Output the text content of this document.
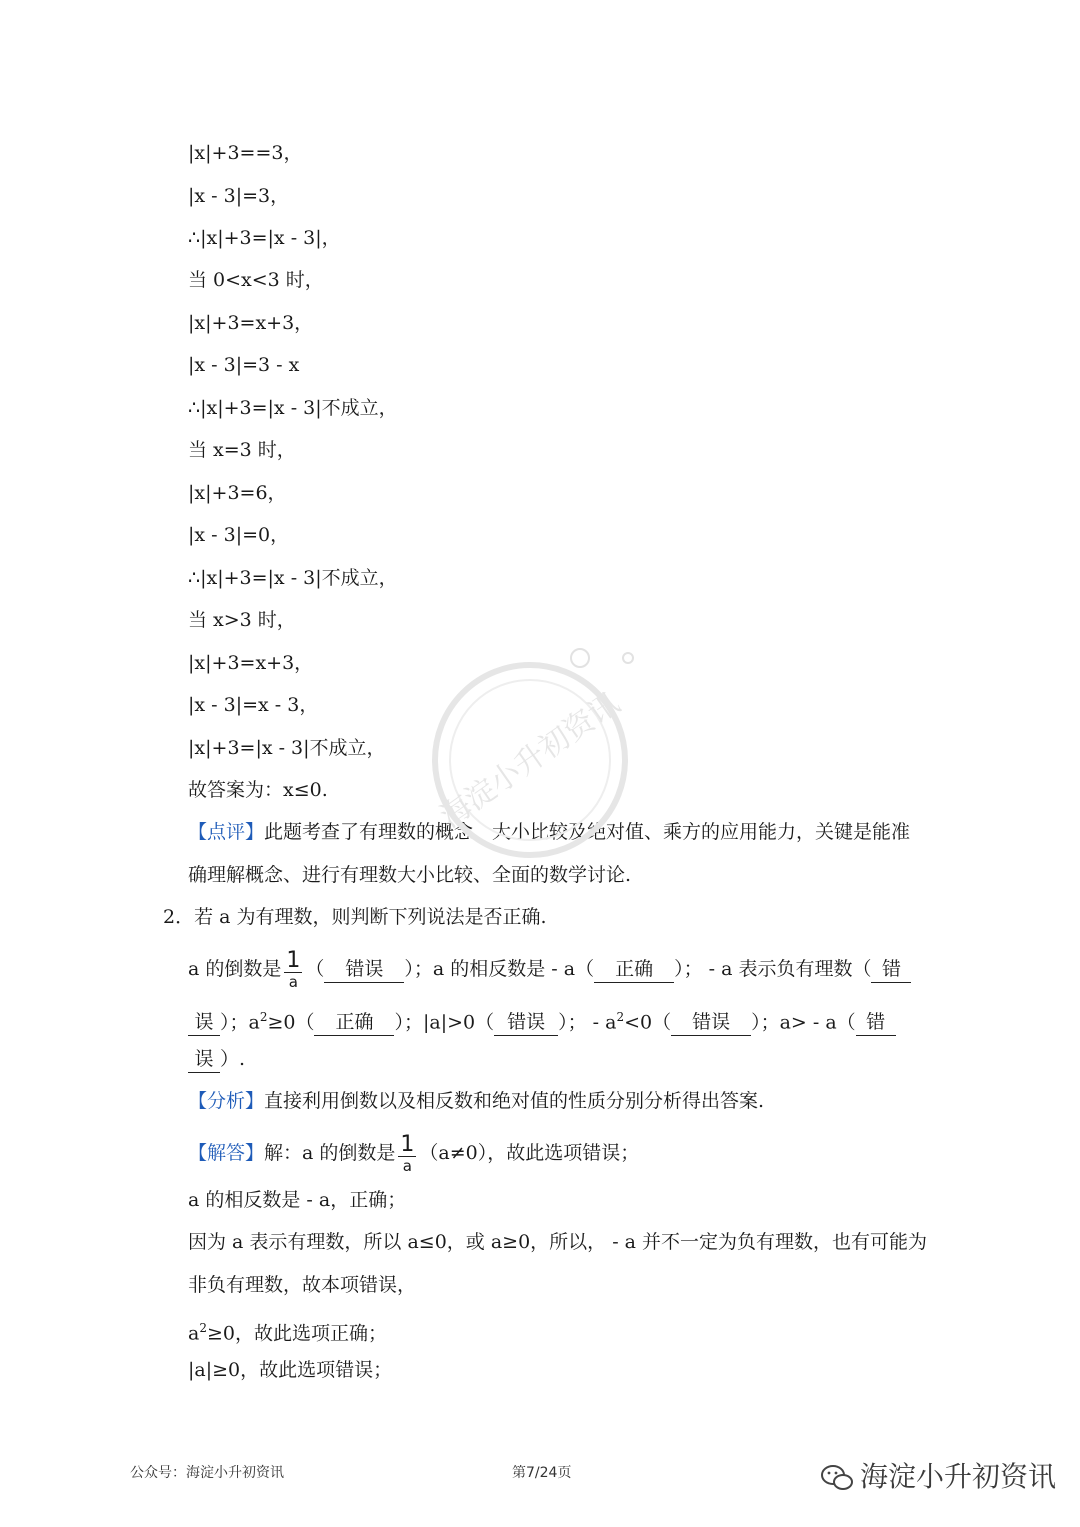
|x|+3==3，
|x - 3|=3，
∴|x|+3=|x - 3|，
当 0<x<3 时，
|x|+3=x+3，
|x - 3|=3 - x
∴|x|+3=|x - 3|不成立，
当 x=3 时，
|x|+3=6，
|x - 3|=0，
∴|x|+3=|x - 3|不成立，
当 x>3 时，
|x|+3=x+3，
|x - 3|=x - 3，
|x|+3=|x - 3|不成立，
故答案为：x≤0.
【点评】此题考查了有理数的概念、大小比较及绝对值、乘方的应用能力，关键是能准
确理解概念、进行有理数大小比较、全面的数学讨论.
2．若 a 为有理数，则判断下列说法是否正确.
a 的倒数是 $\frac{1}{a}$ （ 错误 ）；a 的相反数是 - a（ 正确 ）； - a 表示负有理数（ 错
误 ）；$a^2\ge 0$（ 正确 ）；|a|>0（ 错误 ）； - $a^2<0$（ 错误 ）；a> - a（ 错
误 ）.
【分析】直接利用倒数以及相反数和绝对值的性质分别分析得出答案.
【解答】解：a 的倒数是 $\frac{1}{a} (a\ne 0)$，故此选项错误；
a 的相反数是 - a，正确；
因为 a 表示有理数，所以 a≤0，或 a≥0，所以， - a 并不一定为负有理数，也有可能为
非负有理数，故本项错误，
$a^2\ge 0$，故此选项正确；
|a|≥0，故此选项错误；
海淀小升初资讯
公众号：海淀小升初资讯	第7/24页	海淀小升初资讯
